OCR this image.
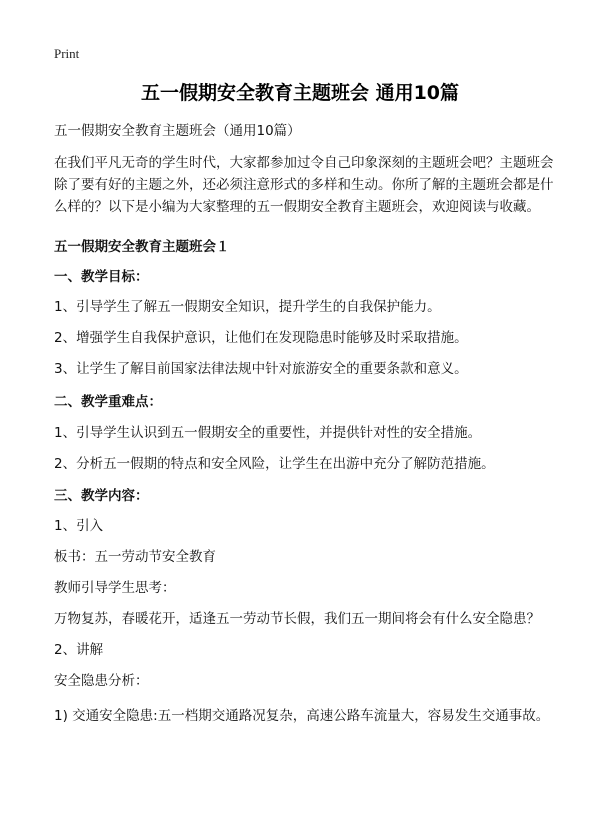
Print
五一假期安全教育主题班会 通用10篇
五一假期安全教育主题班会（通用10篇）
在我们平凡无奇的学生时代，大家都参加过令自己印象深刻的主题班会吧？主题班会除了要有好的主题之外，还必须注意形式的多样和生动。你所了解的主题班会都是什么样的？以下是小编为大家整理的五一假期安全教育主题班会，欢迎阅读与收藏。
五一假期安全教育主题班会１
一、教学目标：
1、引导学生了解五一假期安全知识，提升学生的自我保护能力。
2、增强学生自我保护意识，让他们在发现隐患时能够及时采取措施。
3、让学生了解目前国家法律法规中针对旅游安全的重要条款和意义。
二、教学重难点：
1、引导学生认识到五一假期安全的重要性，并提供针对性的安全措施。
2、分析五一假期的特点和安全风险，让学生在出游中充分了解防范措施。
三、教学内容：
1、引入
板书：五一劳动节安全教育
教师引导学生思考：
万物复苏，春暖花开，适逢五一劳动节长假，我们五一期间将会有什么安全隐患？
2、讲解
安全隐患分析：
1) 交通安全隐患:五一档期交通路况复杂，高速公路车流量大，容易发生交通事故。
